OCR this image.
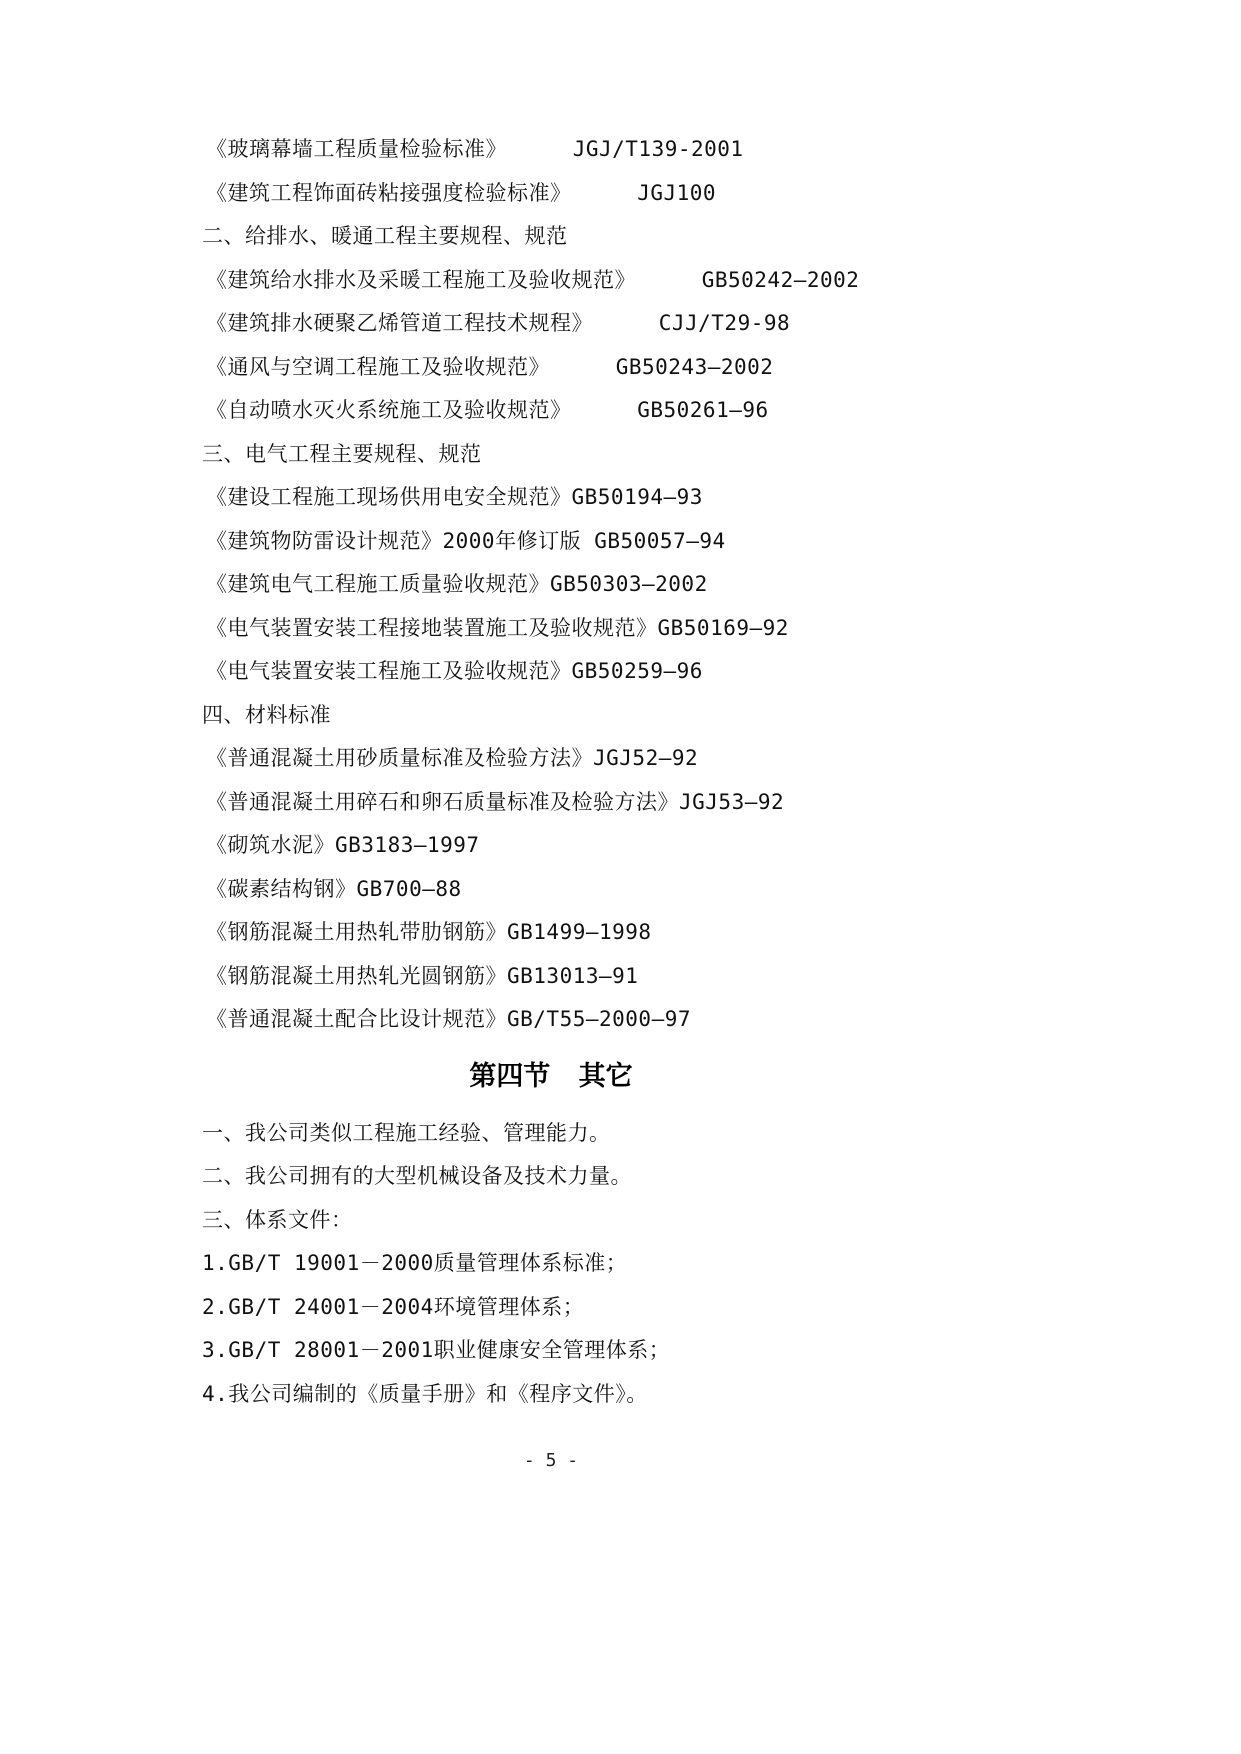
《玻璃幕墙工程质量检验标准》     JGJ/T139-2001
《建筑工程饰面砖粘接强度检验标准》     JGJ100
二、给排水、暖通工程主要规程、规范
《建筑给水排水及采暖工程施工及验收规范》     GB50242—2002
《建筑排水硬聚乙烯管道工程技术规程》     CJJ/T29-98
《通风与空调工程施工及验收规范》     GB50243—2002
《自动喷水灭火系统施工及验收规范》     GB50261—96
三、电气工程主要规程、规范
《建设工程施工现场供用电安全规范》GB50194—93
《建筑物防雷设计规范》2000年修订版 GB50057—94
《建筑电气工程施工质量验收规范》GB50303—2002
《电气装置安装工程接地装置施工及验收规范》GB50169—92
《电气装置安装工程施工及验收规范》GB50259—96
四、材料标准
《普通混凝土用砂质量标准及检验方法》JGJ52—92
《普通混凝土用碎石和卵石质量标准及检验方法》JGJ53—92
《砌筑水泥》GB3183—1997
《碳素结构钢》GB700—88
《钢筋混凝土用热轧带肋钢筋》GB1499—1998
《钢筋混凝土用热轧光圆钢筋》GB13013—91
《普通混凝土配合比设计规范》GB/T55—2000—97
第四节   其它
一、我公司类似工程施工经验、管理能力。
二、我公司拥有的大型机械设备及技术力量。
三、体系文件：
1.GB/T 19001－2000质量管理体系标准；
2.GB/T 24001－2004环境管理体系；
3.GB/T 28001－2001职业健康安全管理体系；
4.我公司编制的《质量手册》和《程序文件》。
- 5 -
